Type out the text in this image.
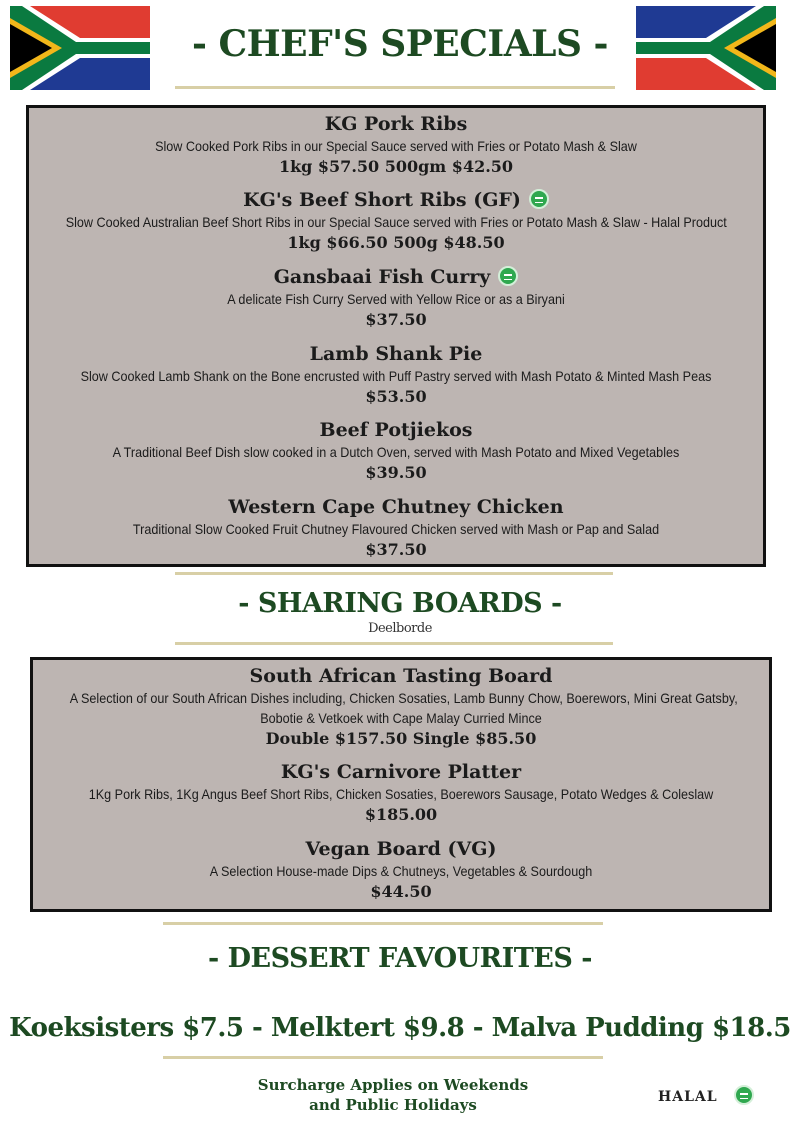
- CHEF'S SPECIALS -
KG Pork Ribs
Slow Cooked Pork Ribs in our Special Sauce served with Fries or Potato Mash & Slaw
1kg $57.50 500gm $42.50
KG's Beef Short Ribs (GF)
Slow Cooked Australian Beef Short Ribs in our Special Sauce served with Fries or Potato Mash & Slaw - Halal Product
1kg $66.50 500g $48.50
Gansbaai Fish Curry
A delicate Fish Curry Served with Yellow Rice or as a Biryani
$37.50
Lamb Shank Pie
Slow Cooked Lamb Shank on the Bone encrusted with Puff Pastry served with Mash Potato & Minted Mash Peas
$53.50
Beef Potjiekos
A Traditional Beef Dish slow cooked in a Dutch Oven, served with Mash Potato and Mixed Vegetables
$39.50
Western Cape Chutney Chicken
Traditional Slow Cooked Fruit Chutney Flavoured Chicken served with Mash or Pap and Salad
$37.50
- SHARING BOARDS -
Deelborde
South African Tasting Board
A Selection of our South African Dishes including, Chicken Sosaties, Lamb Bunny Chow, Boerewors, Mini Great Gatsby,
Bobotie & Vetkoek with Cape Malay Curried Mince
Double $157.50 Single $85.50
KG's Carnivore Platter
1Kg Pork Ribs, 1Kg Angus Beef Short Ribs, Chicken Sosaties, Boerewors Sausage, Potato Wedges & Coleslaw
$185.00
Vegan Board (VG)
A Selection House-made Dips & Chutneys, Vegetables & Sourdough
$44.50
- DESSERT FAVOURITES -
Koeksisters $7.5 - Melktert $9.8 - Malva Pudding $18.5
Surcharge Applies on Weekends
and Public Holidays	HALAL
